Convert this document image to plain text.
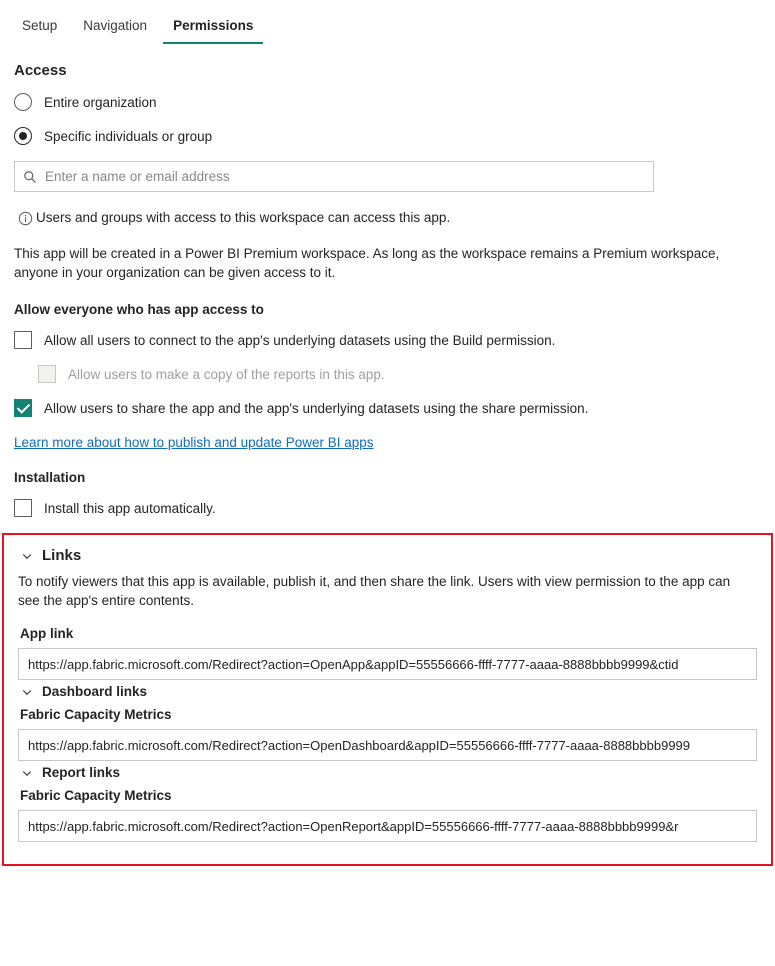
Setup	Navigation	Permissions
Access
Entire organization
Specific individuals or group
Enter a name or email address
Users and groups with access to this workspace can access this app.
This app will be created in a Power BI Premium workspace. As long as the workspace remains a Premium workspace, anyone in your organization can be given access to it.
Allow everyone who has app access to
Allow all users to connect to the app's underlying datasets using the Build permission.
Allow users to make a copy of the reports in this app.
Allow users to share the app and the app's underlying datasets using the share permission.
Learn more about how to publish and update Power BI apps
Installation
Install this app automatically.
Links
To notify viewers that this app is available, publish it, and then share the link. Users with view permission to the app can see the app's entire contents.
App link
https://app.fabric.microsoft.com/Redirect?action=OpenApp&appID=55556666-ffff-7777-aaaa-8888bbbb9999&ctid
Dashboard links
Fabric Capacity Metrics
https://app.fabric.microsoft.com/Redirect?action=OpenDashboard&appID=55556666-ffff-7777-aaaa-8888bbbb9999
Report links
Fabric Capacity Metrics
https://app.fabric.microsoft.com/Redirect?action=OpenReport&appID=55556666-ffff-7777-aaaa-8888bbbb9999&r
